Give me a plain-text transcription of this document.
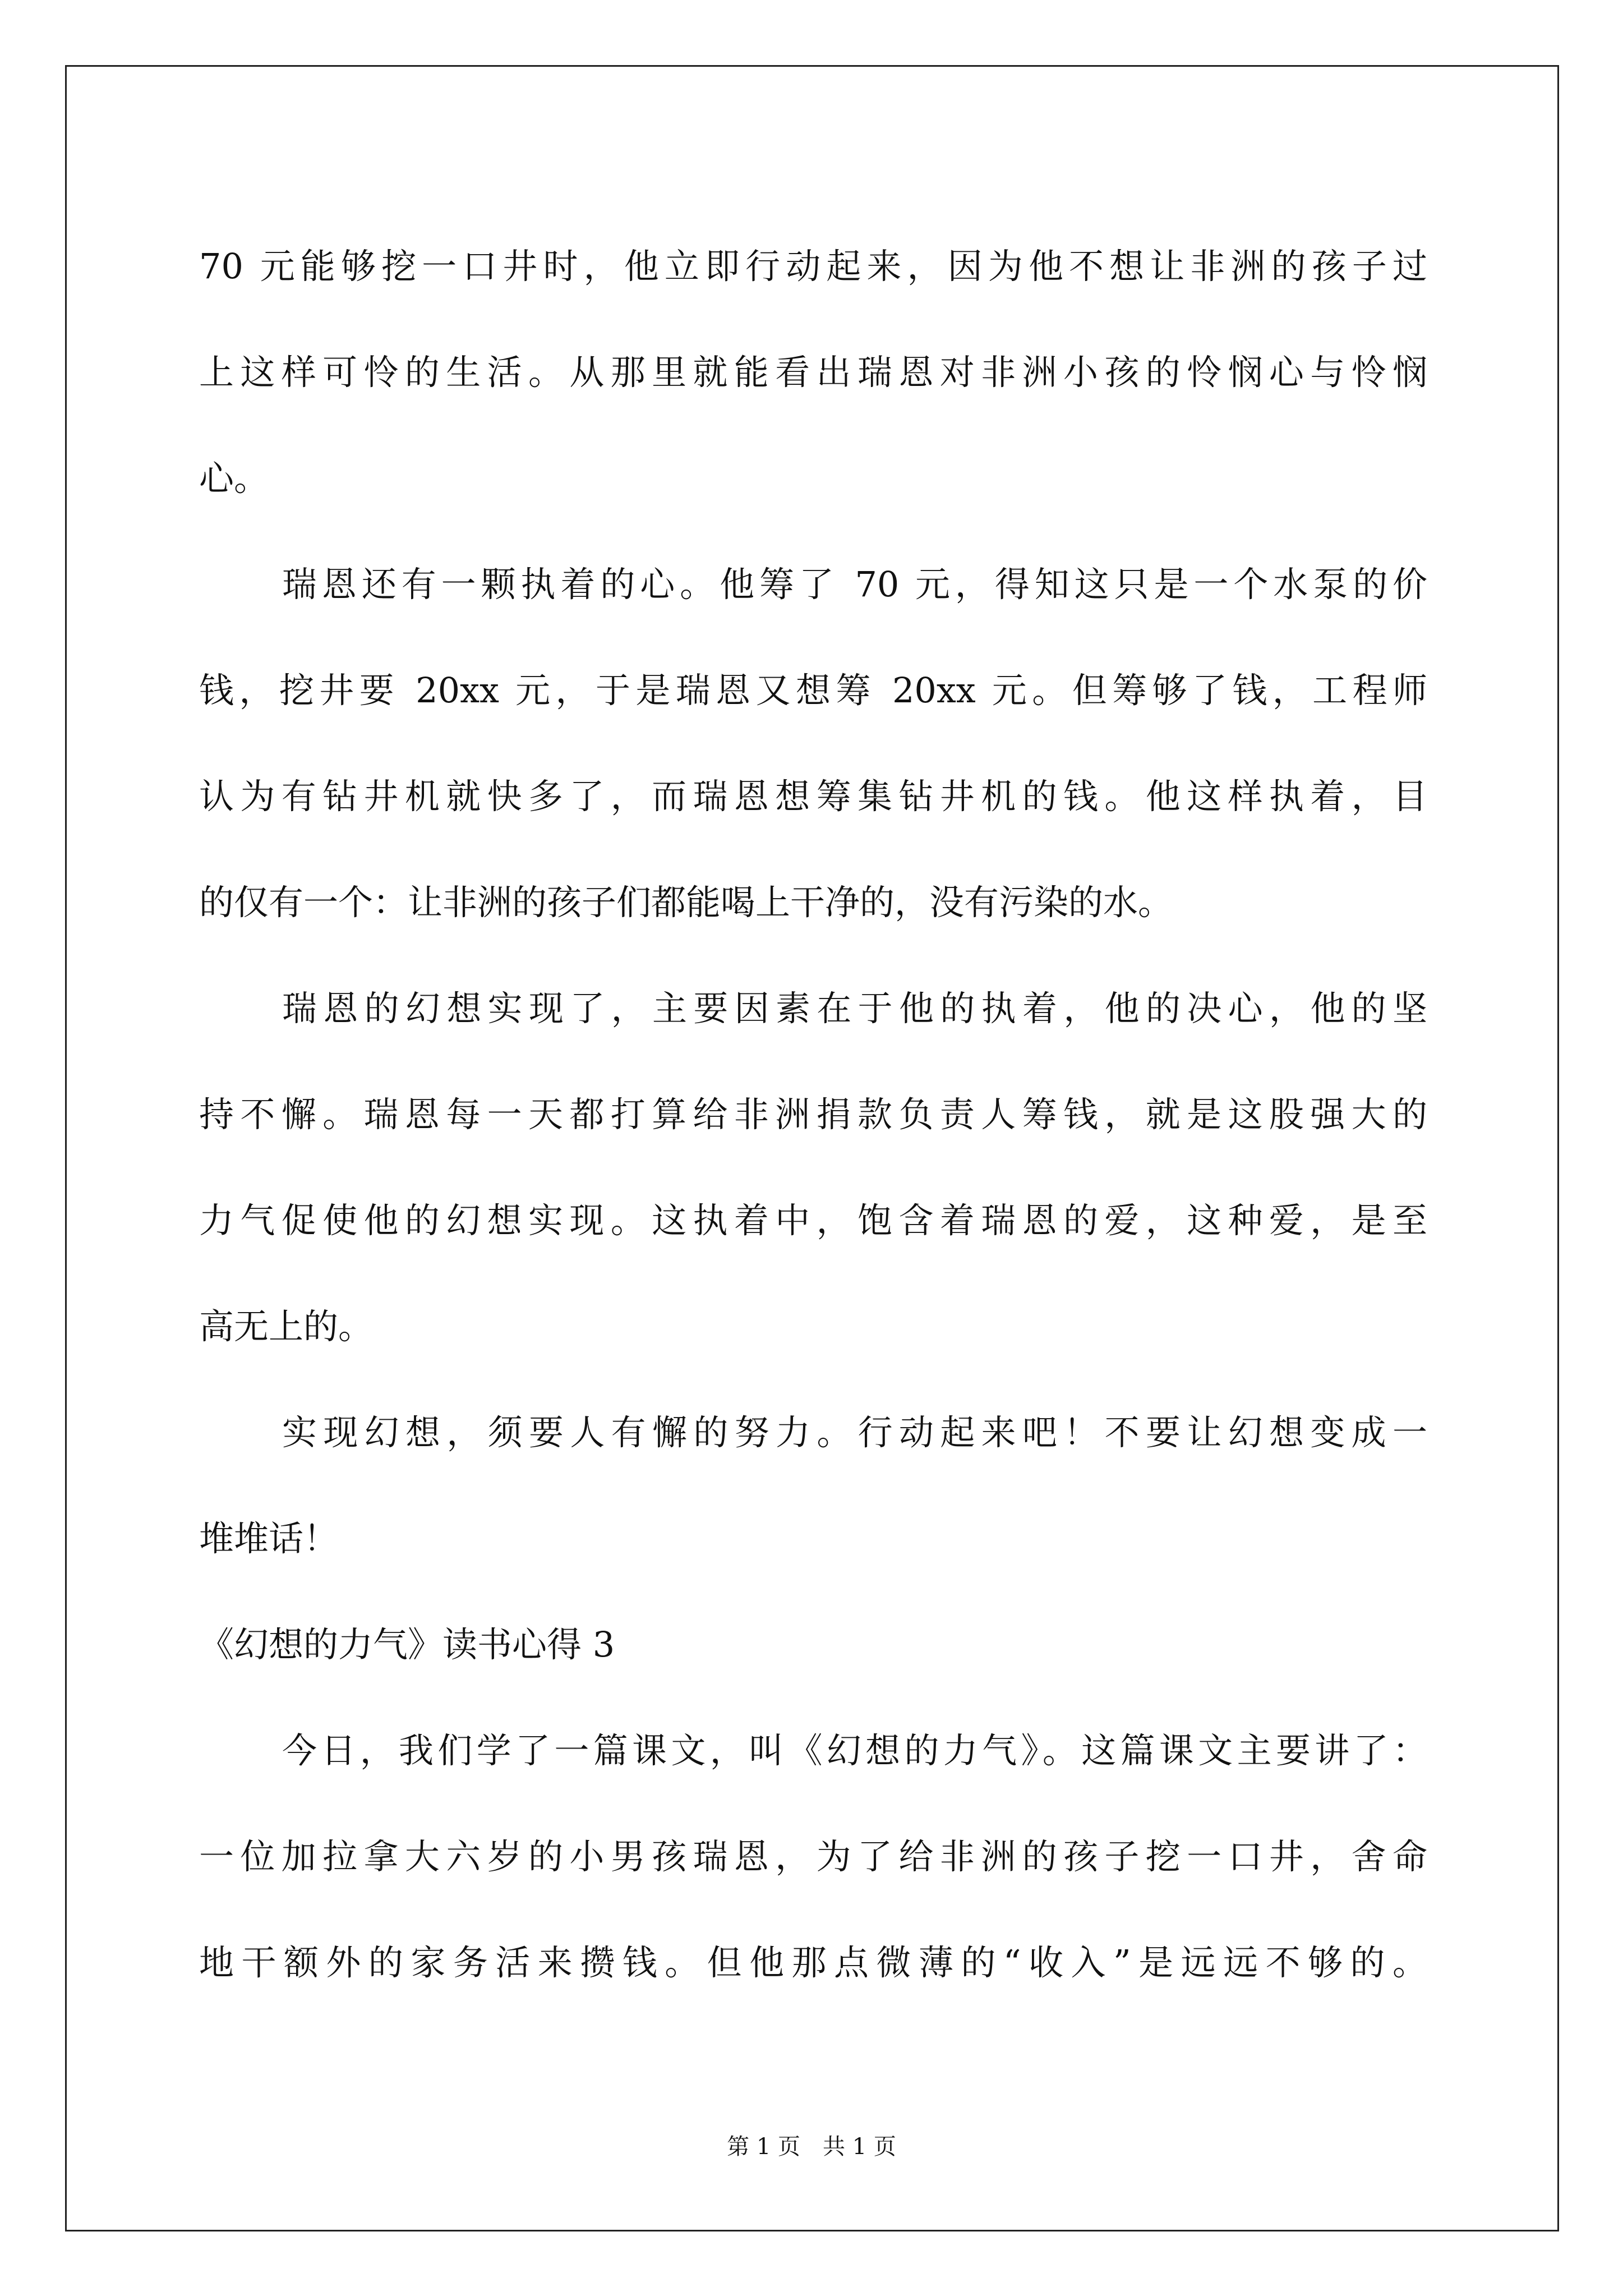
70 元能够挖一口井时，他立即行动起来，因为他不想让非洲的孩子过
上这样可怜的生活。从那里就能看出瑞恩对非洲小孩的怜悯心与怜悯
心。
瑞恩还有一颗执着的心。他筹了 70 元，得知这只是一个水泵的价
钱，挖井要 20xx 元，于是瑞恩又想筹 20xx 元。但筹够了钱，工程师
认为有钻井机就快多了，而瑞恩想筹集钻井机的钱。他这样执着，目
的仅有一个：让非洲的孩子们都能喝上干净的，没有污染的水。
瑞恩的幻想实现了，主要因素在于他的执着，他的决心，他的坚
持不懈。瑞恩每一天都打算给非洲捐款负责人筹钱，就是这股强大的
力气促使他的幻想实现。这执着中，饱含着瑞恩的爱，这种爱，是至
高无上的。
实现幻想，须要人有懈的努力。行动起来吧！不要让幻想变成一
堆堆话！
《幻想的力气》读书心得 3
今日，我们学了一篇课文，叫《幻想的力气》。这篇课文主要讲了：
一位加拉拿大六岁的小男孩瑞恩，为了给非洲的孩子挖一口井，舍命
地干额外的家务活来攒钱。但他那点微薄的“收入”是远远不够的。
第 1 页　共 1 页
